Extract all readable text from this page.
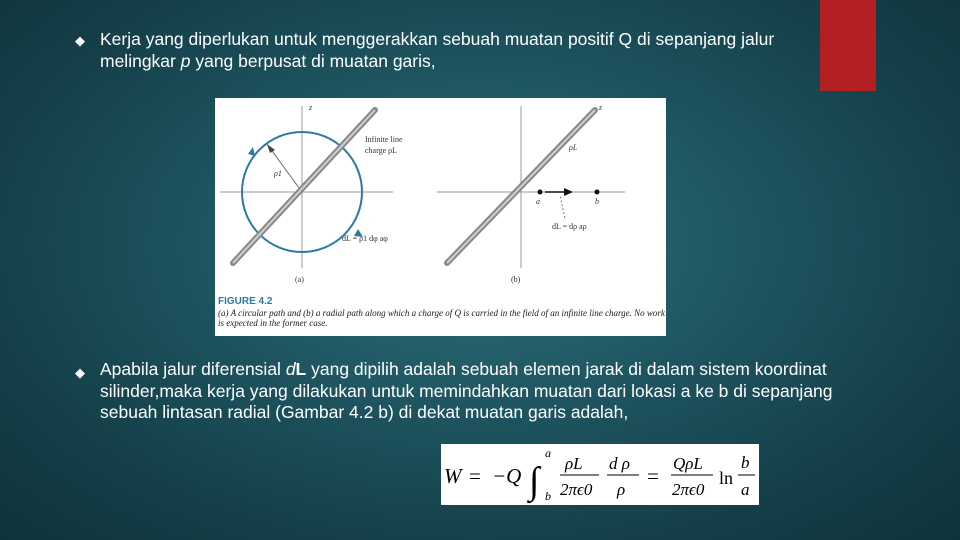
◆ Kerja yang diperlukan untuk menggerakkan sebuah muatan positif Q di sepanjang jalur melingkar p yang berpusat di muatan garis,
z
ρ1
Infinite line
charge ρL
dL = ρ1 dφ aφ
(a)
z
ρL
a	b
dL = dρ aρ
(b)
FIGURE 4.2
(a) A circular path and (b) a radial path along which a charge of Q is carried in the field of an infinite line charge. No work is expected in the former case.
◆ Apabila jalur diferensial dL yang dipilih adalah sebuah elemen jarak di dalam sistem koordinat silinder,maka kerja yang dilakukan untuk memindahkan muatan dari lokasi a ke b di sepanjang sebuah lintasan radial (Gambar 4.2 b) di dekat muatan garis adalah,
W = −Q ∫
a
b
ρL
2πϵ0
d ρ
ρ
=
QρL
2πϵ0
ln
b
a
